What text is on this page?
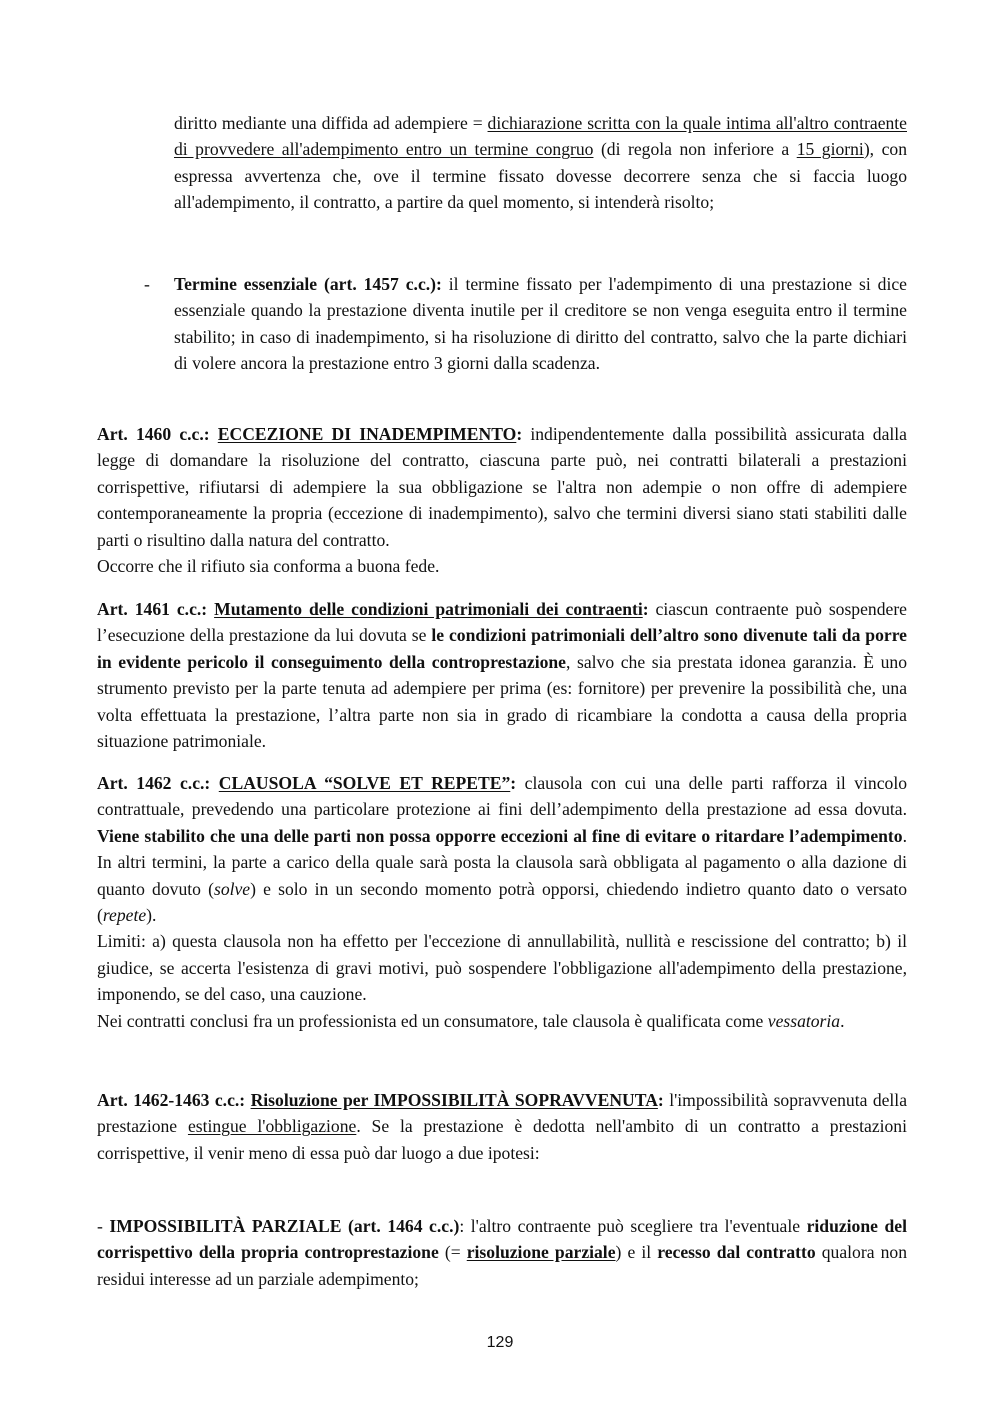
diritto mediante una diffida ad adempiere = dichiarazione scritta con la quale intima all'altro contraente di provvedere all'adempimento entro un termine congruo (di regola non inferiore a 15 giorni), con espressa avvertenza che, ove il termine fissato dovesse decorrere senza che si faccia luogo all'adempimento, il contratto, a partire da quel momento, si intenderà risolto;

- Termine essenziale (art. 1457 c.c.): il termine fissato per l'adempimento di una prestazione si dice essenziale quando la prestazione diventa inutile per il creditore se non venga eseguita entro il termine stabilito; in caso di inadempimento, si ha risoluzione di diritto del contratto, salvo che la parte dichiari di volere ancora la prestazione entro 3 giorni dalla scadenza.

Art. 1460 c.c.: ECCEZIONE DI INADEMPIMENTO: indipendentemente dalla possibilità assicurata dalla legge di domandare la risoluzione del contratto, ciascuna parte può, nei contratti bilaterali a prestazioni corrispettive, rifiutarsi di adempiere la sua obbligazione se l'altra non adempie o non offre di adempiere contemporaneamente la propria (eccezione di inadempimento), salvo che termini diversi siano stati stabiliti dalle parti o risultino dalla natura del contratto.
Occorre che il rifiuto sia conforma a buona fede.

Art. 1461 c.c.: Mutamento delle condizioni patrimoniali dei contraenti: ciascun contraente può sospendere l’esecuzione della prestazione da lui dovuta se le condizioni patrimoniali dell’altro sono divenute tali da porre in evidente pericolo il conseguimento della controprestazione, salvo che sia prestata idonea garanzia. È uno strumento previsto per la parte tenuta ad adempiere per prima (es: fornitore) per prevenire la possibilità che, una volta effettuata la prestazione, l’altra parte non sia in grado di ricambiare la condotta a causa della propria situazione patrimoniale.

Art. 1462 c.c.: CLAUSOLA “SOLVE ET REPETE”: clausola con cui una delle parti rafforza il vincolo contrattuale, prevedendo una particolare protezione ai fini dell’adempimento della prestazione ad essa dovuta. Viene stabilito che una delle parti non possa opporre eccezioni al fine di evitare o ritardare l’adempimento. In altri termini, la parte a carico della quale sarà posta la clausola sarà obbligata al pagamento o alla dazione di quanto dovuto (solve) e solo in un secondo momento potrà opporsi, chiedendo indietro quanto dato o versato (repete).
Limiti: a) questa clausola non ha effetto per l'eccezione di annullabilità, nullità e rescissione del contratto; b) il giudice, se accerta l'esistenza di gravi motivi, può sospendere l'obbligazione all'adempimento della prestazione, imponendo, se del caso, una cauzione.
Nei contratti conclusi fra un professionista ed un consumatore, tale clausola è qualificata come vessatoria.

Art. 1462-1463 c.c.: Risoluzione per IMPOSSIBILITÀ SOPRAVVENUTA: l'impossibilità sopravvenuta della prestazione estingue l'obbligazione. Se la prestazione è dedotta nell'ambito di un contratto a prestazioni corrispettive, il venir meno di essa può dar luogo a due ipotesi:

- IMPOSSIBILITÀ PARZIALE (art. 1464 c.c.): l'altro contraente può scegliere tra l'eventuale riduzione del corrispettivo della propria controprestazione (= risoluzione parziale) e il recesso dal contratto qualora non residui interesse ad un parziale adempimento;

129
